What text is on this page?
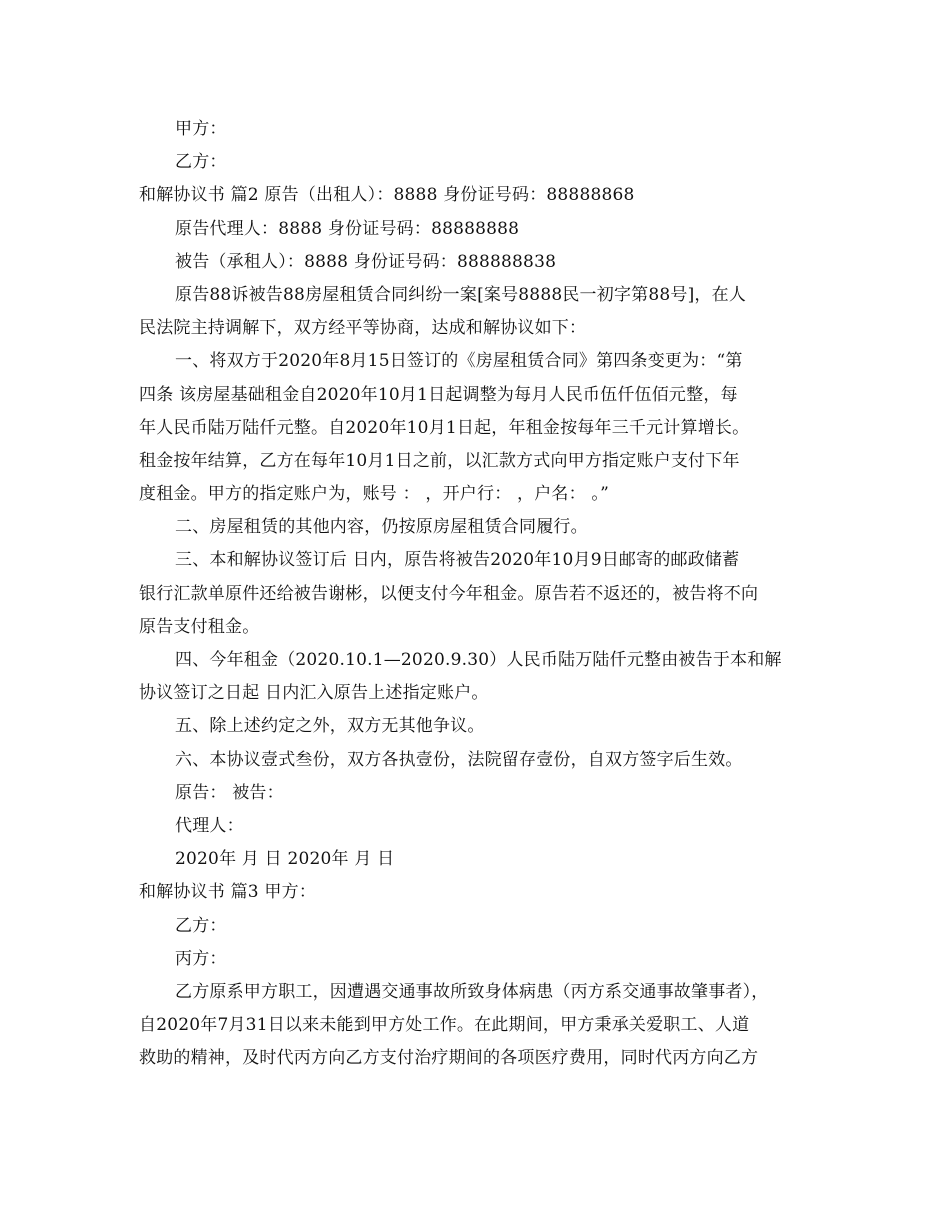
甲方：
乙方：
和解协议书 篇2 原告（出租人）：8888 身份证号码：88888868
原告代理人：8888 身份证号码：88888888
被告（承租人）：8888 身份证号码：888888838
原告88诉被告88房屋租赁合同纠纷一案[案号8888民一初字第88号]，在人
民法院主持调解下，双方经平等协商，达成和解协议如下：
一、将双方于2020年8月15日签订的《房屋租赁合同》第四条变更为：“第
四条 该房屋基础租金自2020年10月1日起调整为每月人民币伍仟伍佰元整，每
年人民币陆万陆仟元整。自2020年10月1日起，年租金按每年三千元计算增长。
租金按年结算，乙方在每年10月1日之前，以汇款方式向甲方指定账户支付下年
度租金。甲方的指定账户为，账号 ： ，开户行： ，户名： 。”
二、房屋租赁的其他内容，仍按原房屋租赁合同履行。
三、本和解协议签订后 日内，原告将被告2020年10月9日邮寄的邮政储蓄
银行汇款单原件还给被告谢彬，以便支付今年租金。原告若不返还的，被告将不向
原告支付租金。
四、今年租金（2020.10.1—2020.9.30）人民币陆万陆仟元整由被告于本和解
协议签订之日起 日内汇入原告上述指定账户。
五、除上述约定之外，双方无其他争议。
六、本协议壹式叁份，双方各执壹份，法院留存壹份，自双方签字后生效。
原告： 被告：
代理人：
2020年 月 日 2020年 月 日
和解协议书 篇3 甲方：
乙方：
丙方：
乙方原系甲方职工，因遭遇交通事故所致身体病患（丙方系交通事故肇事者），
自2020年7月31日以来未能到甲方处工作。在此期间，甲方秉承关爱职工、人道
救助的精神，及时代丙方向乙方支付治疗期间的各项医疗费用，同时代丙方向乙方
